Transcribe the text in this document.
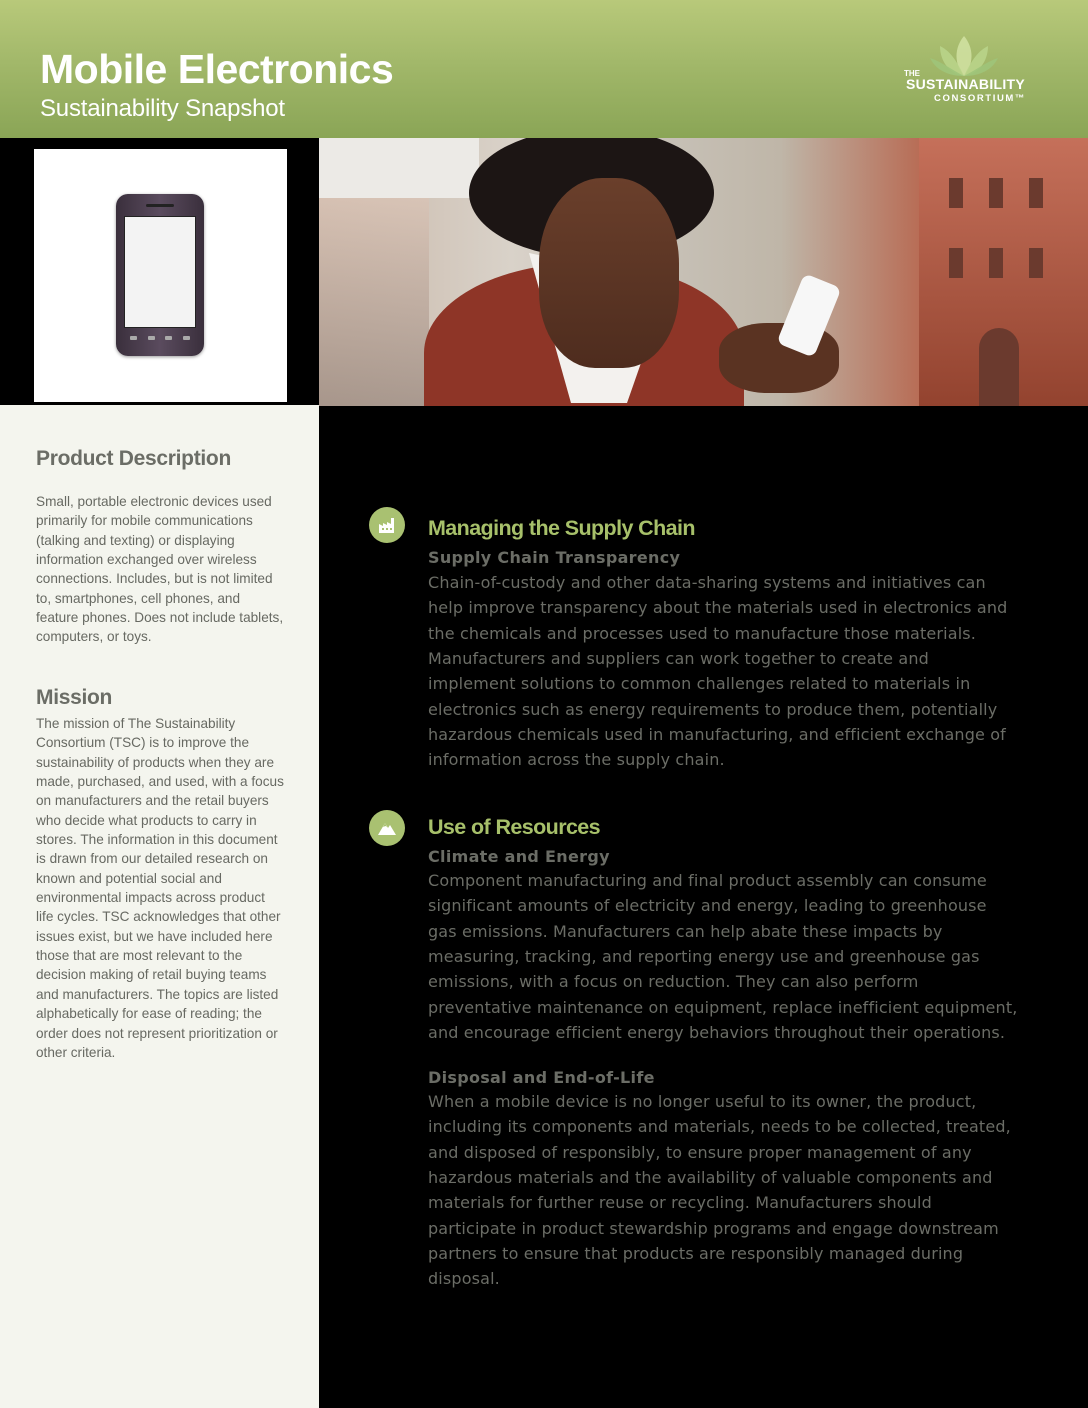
Mobile Electronics
Sustainability Snapshot
THE
SUSTAINABILITY
CONSORTIUM™
Product Description
Small, portable electronic devices used primarily for mobile communications (talking and texting) or displaying information exchanged over wireless connections. Includes, but is not limited to, smartphones, cell phones, and feature phones. Does not include tablets, computers, or toys.
Mission
The mission of The Sustainability Consortium (TSC) is to improve the sustainability of products when they are made, purchased, and used, with a focus on manufacturers and the retail buyers who decide what products to carry in stores. The information in this document is drawn from our detailed research on known and potential social and environmental impacts across product life cycles. TSC acknowledges that other issues exist, but we have included here those that are most relevant to the decision making of retail buying teams and manufacturers. The topics are listed alphabetically for ease of reading; the order does not represent prioritization or other criteria.
Managing the Supply Chain
Supply Chain Transparency
Chain-of-custody and other data-sharing systems and initiatives can help improve transparency about the materials used in electronics and the chemicals and processes used to manufacture those materials. Manufacturers and suppliers can work together to create and implement solutions to common challenges related to materials in electronics such as energy requirements to produce them, potentially hazardous chemicals used in manufacturing, and efficient exchange of information across the supply chain.
Use of Resources
Climate and Energy
Component manufacturing and final product assembly can consume significant amounts of electricity and energy, leading to greenhouse gas emissions. Manufacturers can help abate these impacts by measuring, tracking, and reporting energy use and greenhouse gas emissions, with a focus on reduction. They can also perform preventative maintenance on equipment, replace inefficient equipment, and encourage efficient energy behaviors throughout their operations.
Disposal and End-of-Life
When a mobile device is no longer useful to its owner, the product, including its components and materials, needs to be collected, treated, and disposed of responsibly, to ensure proper management of any hazardous materials and the availability of valuable components and materials for further reuse or recycling. Manufacturers should participate in product stewardship programs and engage downstream partners to ensure that products are responsibly managed during disposal.
